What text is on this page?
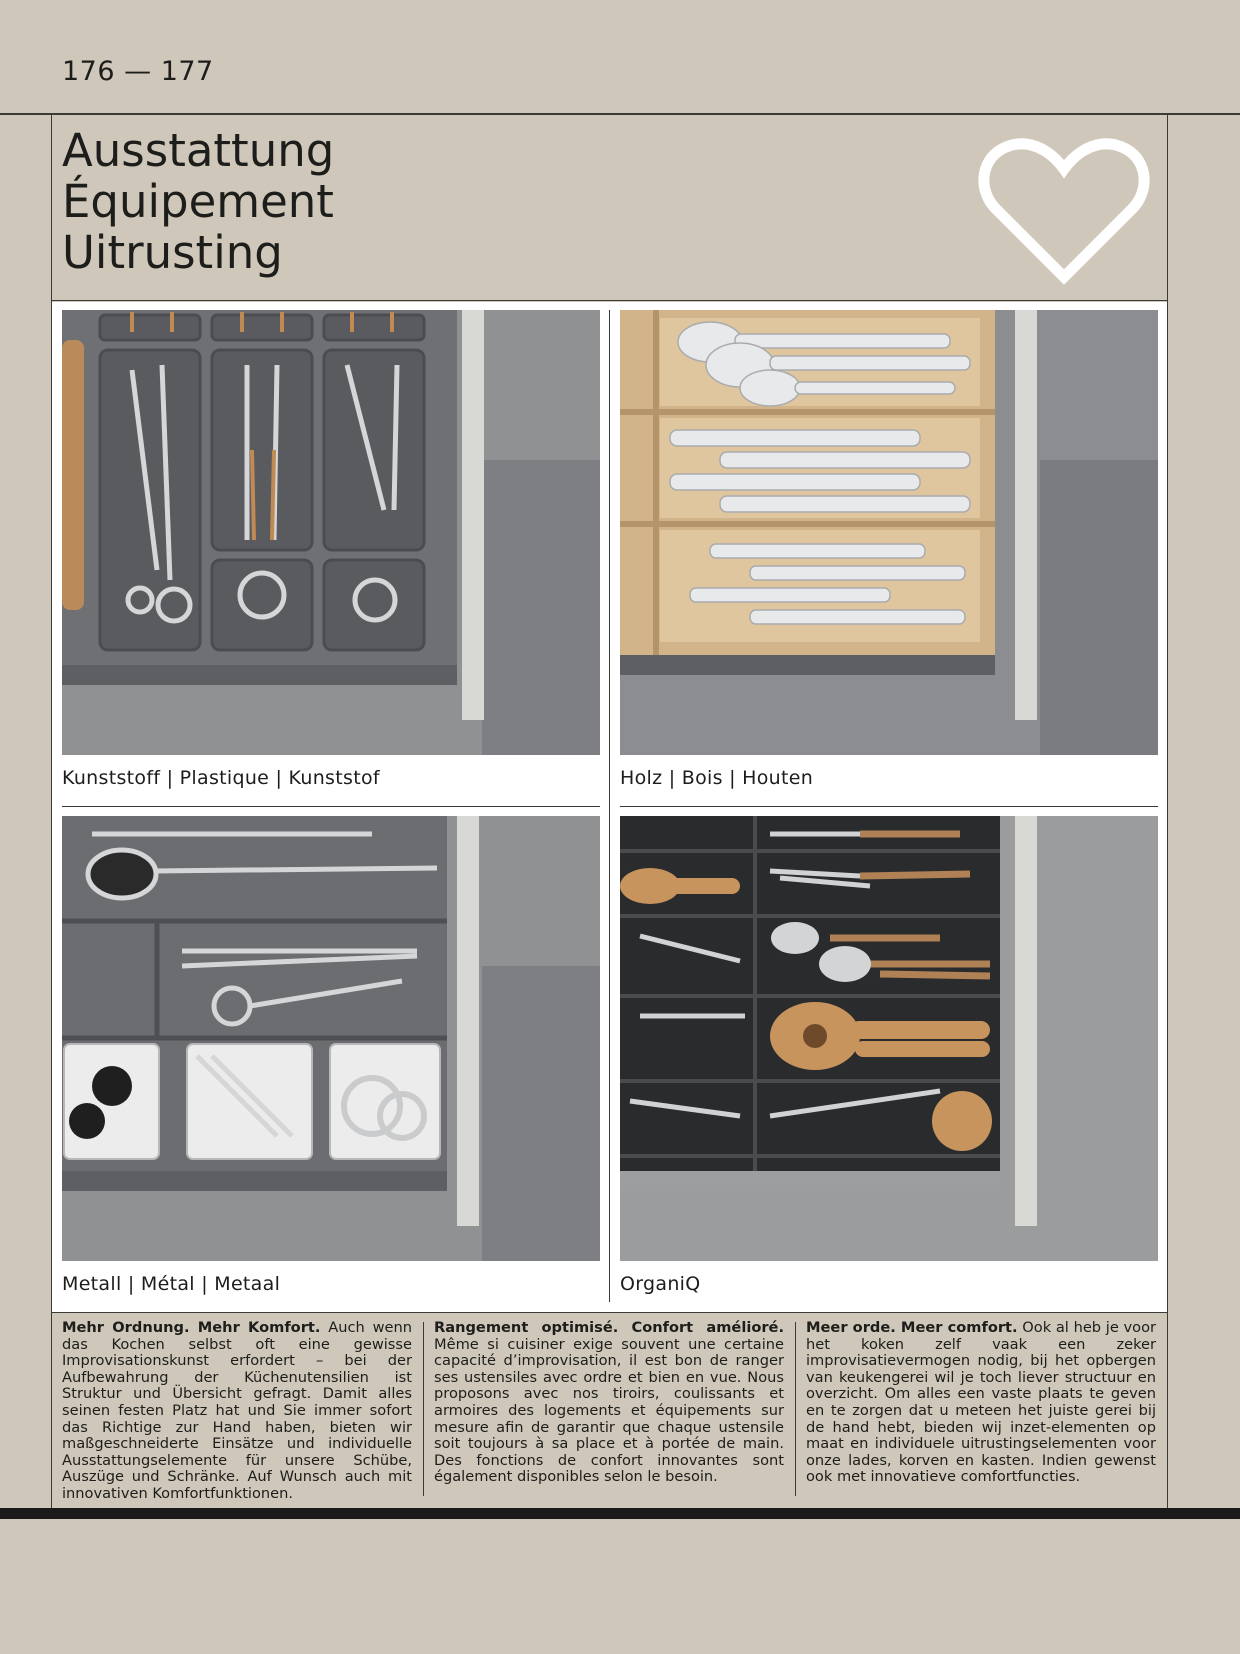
176 — 177
Ausstattung
Équipement
Uitrusting
Kunststoff | Plastique | Kunststof	Holz | Bois | Houten
Metall | Métal | Metaal	OrganiQ
Mehr Ordnung. Mehr Komfort. Auch wenn das Kochen selbst oft eine gewisse Improvisationskunst erfordert – bei der Aufbewahrung der Küchenutensilien ist Struktur und Übersicht gefragt. Damit alles seinen festen Platz hat und Sie immer sofort das Richtige zur Hand haben, bieten wir maßgeschneiderte Einsätze und individuelle Ausstattungselemente für unsere Schübe, Auszüge und Schränke. Auf Wunsch auch mit innovativen Komfortfunktionen.
Rangement optimisé. Confort amélioré. Même si cuisiner exige souvent une certaine capacité d’improvisation, il est bon de ranger ses ustensiles avec ordre et bien en vue. Nous proposons avec nos tiroirs, coulissants et armoires des logements et équipements sur mesure afin de garantir que chaque ustensile soit toujours à sa place et à portée de main. Des fonctions de confort innovantes sont également disponibles selon le besoin.
Meer orde. Meer comfort. Ook al heb je voor het koken zelf vaak een zeker improvisatievermogen nodig, bij het opbergen van keukengerei wil je toch liever structuur en overzicht. Om alles een vaste plaats te geven en te zorgen dat u meteen het juiste gerei bij de hand hebt, bieden wij inzet-elementen op maat en individuele uitrustingselementen voor onze lades, korven en kasten. Indien gewenst ook met innovatieve comfortfuncties.
